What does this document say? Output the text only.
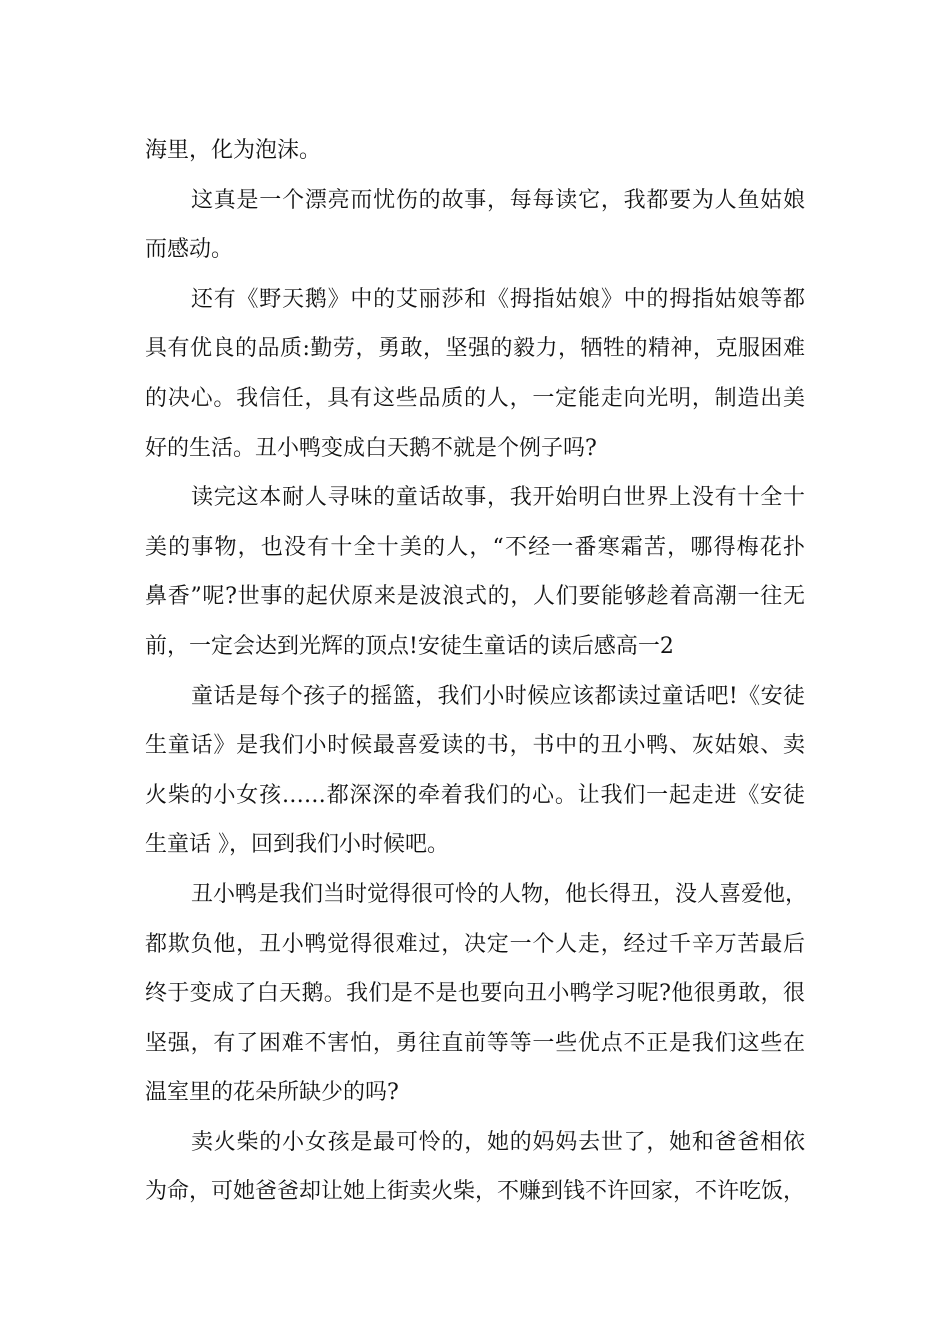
海里，化为泡沫。
这真是一个漂亮而忧伤的故事，每每读它，我都要为人鱼姑娘
而感动。
还有《野天鹅》中的艾丽莎和《拇指姑娘》中的拇指姑娘等都
具有优良的品质:勤劳，勇敢，坚强的毅力，牺牲的精神，克服困难
的决心。我信任，具有这些品质的人，一定能走向光明，制造出美
好的生活。丑小鸭变成白天鹅不就是个例子吗?
读完这本耐人寻味的童话故事，我开始明白世界上没有十全十
美的事物，也没有十全十美的人，“不经一番寒霜苦，哪得梅花扑
鼻香”呢?世事的起伏原来是波浪式的，人们要能够趁着高潮一往无
前，一定会达到光辉的顶点!安徒生童话的读后感高一2
童话是每个孩子的摇篮，我们小时候应该都读过童话吧!《安徒
生童话》是我们小时候最喜爱读的书，书中的丑小鸭、灰姑娘、卖
火柴的小女孩……都深深的牵着我们的心。让我们一起走进《安徒
生童话 》，回到我们小时候吧。
丑小鸭是我们当时觉得很可怜的人物，他长得丑，没人喜爱他，
都欺负他，丑小鸭觉得很难过，决定一个人走，经过千辛万苦最后
终于变成了白天鹅。我们是不是也要向丑小鸭学习呢?他很勇敢，很
坚强，有了困难不害怕，勇往直前等等一些优点不正是我们这些在
温室里的花朵所缺少的吗?
卖火柴的小女孩是最可怜的，她的妈妈去世了，她和爸爸相依
为命，可她爸爸却让她上街卖火柴，不赚到钱不许回家，不许吃饭，
